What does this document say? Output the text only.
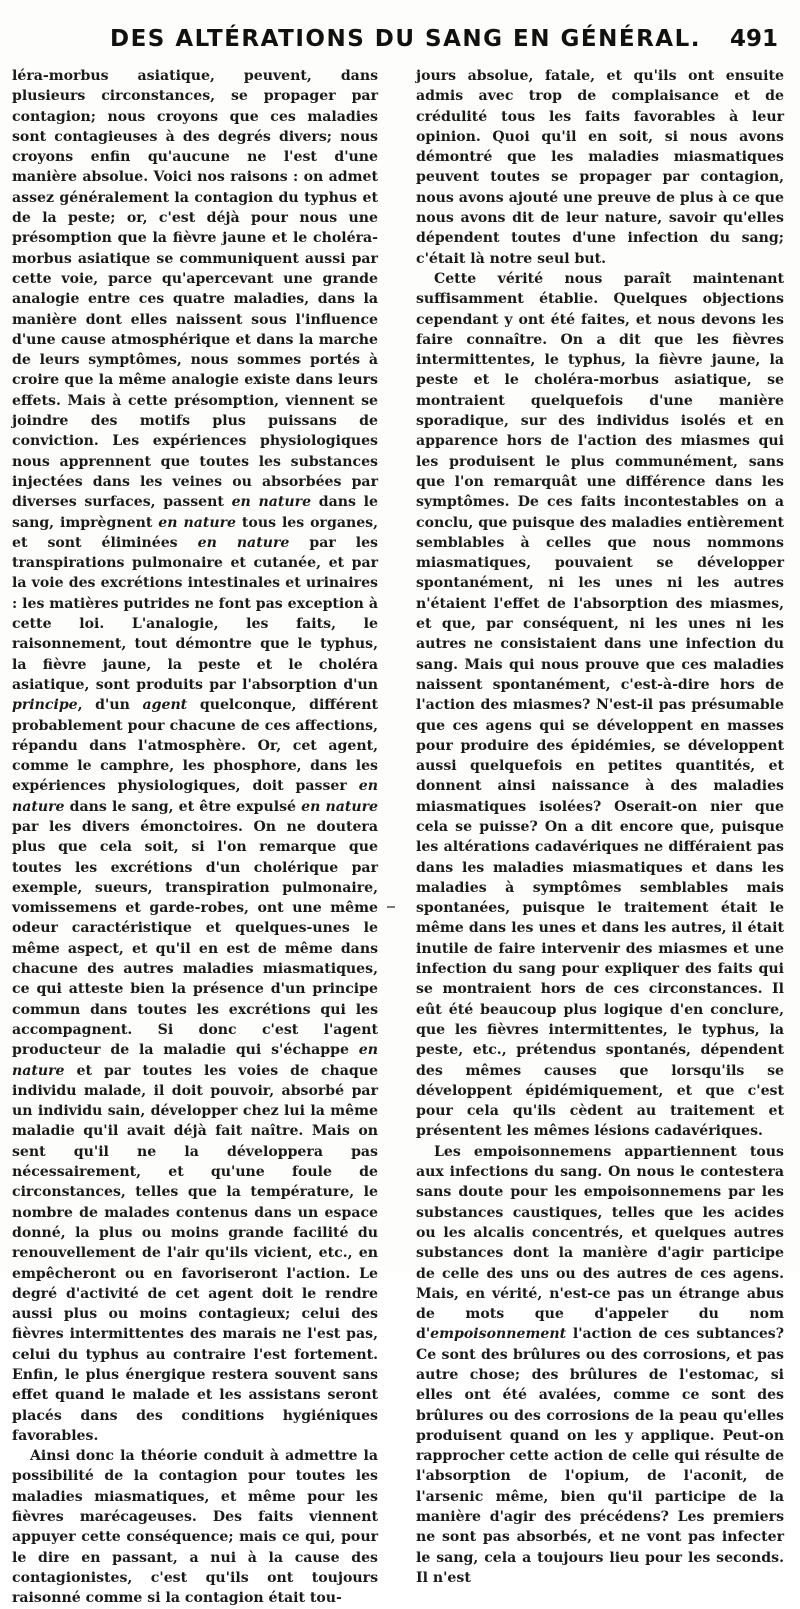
DES ALTÉRATIONS DU SANG EN GÉNÉRAL. 491

léra-morbus asiatique, peuvent, dans plusieurs circonstances, se propager par contagion; nous croyons que ces maladies sont contagieuses à des degrés divers; nous croyons enfin qu'aucune ne l'est d'une manière absolue. Voici nos raisons : on admet assez généralement la contagion du typhus et de la peste; or, c'est déjà pour nous une présomption que la fièvre jaune et le choléra-morbus asiatique se communiquent aussi par cette voie, parce qu'apercevant une grande analogie entre ces quatre maladies, dans la manière dont elles naissent sous l'influence d'une cause atmosphérique et dans la marche de leurs symptômes, nous sommes portés à croire que la même analogie existe dans leurs effets. Mais à cette présomption, viennent se joindre des motifs plus puissans de conviction. Les expériences physiologiques nous apprennent que toutes les substances injectées dans les veines ou absorbées par diverses surfaces, passent en nature dans le sang, imprègnent en nature tous les organes, et sont éliminées en nature par les transpirations pulmonaire et cutanée, et par la voie des excrétions intestinales et urinaires : les matières putrides ne font pas exception à cette loi. L'analogie, les faits, le raisonnement, tout démontre que le typhus, la fièvre jaune, la peste et le choléra asiatique, sont produits par l'absorption d'un principe, d'un agent quelconque, différent probablement pour chacune de ces affections, répandu dans l'atmosphère. Or, cet agent, comme le camphre, les phosphore, dans les expériences physiologiques, doit passer en nature dans le sang, et être expulsé en nature par les divers émonctoires. On ne doutera plus que cela soit, si l'on remarque que toutes les excrétions d'un cholérique par exemple, sueurs, transpiration pulmonaire, vomissemens et garde-robes, ont une même odeur caractéristique et quelques-unes le même aspect, et qu'il en est de même dans chacune des autres maladies miasmatiques, ce qui atteste bien la présence d'un principe commun dans toutes les excrétions qui les accompagnent. Si donc c'est l'agent producteur de la maladie qui s'échappe en nature et par toutes les voies de chaque individu malade, il doit pouvoir, absorbé par un individu sain, développer chez lui la même maladie qu'il avait déjà fait naître. Mais on sent qu'il ne la développera pas nécessairement, et qu'une foule de circonstances, telles que la température, le nombre de malades contenus dans un espace donné, la plus ou moins grande facilité du renouvellement de l'air qu'ils vicient, etc., en empêcheront ou en favoriseront l'action. Le degré d'activité de cet agent doit le rendre aussi plus ou moins contagieux; celui des fièvres intermittentes des marais ne l'est pas, celui du typhus au contraire l'est fortement. Enfin, le plus énergique restera souvent sans effet quand le malade et les assistans seront placés dans des conditions hygiéniques favorables.

Ainsi donc la théorie conduit à admettre la possibilité de la contagion pour toutes les maladies miasmatiques, et même pour les fièvres marécageuses. Des faits viennent appuyer cette conséquence; mais ce qui, pour le dire en passant, a nui à la cause des contagionistes, c'est qu'ils ont toujours raisonné comme si la contagion était tou-

jours absolue, fatale, et qu'ils ont ensuite admis avec trop de complaisance et de crédulité tous les faits favorables à leur opinion. Quoi qu'il en soit, si nous avons démontré que les maladies miasmatiques peuvent toutes se propager par contagion, nous avons ajouté une preuve de plus à ce que nous avons dit de leur nature, savoir qu'elles dépendent toutes d'une infection du sang; c'était là notre seul but.

Cette vérité nous paraît maintenant suffisamment établie. Quelques objections cependant y ont été faites, et nous devons les faire connaître. On a dit que les fièvres intermittentes, le typhus, la fièvre jaune, la peste et le choléra-morbus asiatique, se montraient quelquefois d'une manière sporadique, sur des individus isolés et en apparence hors de l'action des miasmes qui les produisent le plus communément, sans que l'on remarquât une différence dans les symptômes. De ces faits incontestables on a conclu, que puisque des maladies entièrement semblables à celles que nous nommons miasmatiques, pouvaient se développer spontanément, ni les unes ni les autres n'étaient l'effet de l'absorption des miasmes, et que, par conséquent, ni les unes ni les autres ne consistaient dans une infection du sang. Mais qui nous prouve que ces maladies naissent spontanément, c'est-à-dire hors de l'action des miasmes? N'est-il pas présumable que ces agens qui se développent en masses pour produire des épidémies, se développent aussi quelquefois en petites quantités, et donnent ainsi naissance à des maladies miasmatiques isolées? Oserait-on nier que cela se puisse? On a dit encore que, puisque les altérations cadavériques ne différaient pas dans les maladies miasmatiques et dans les maladies à symptômes semblables mais spontanées, puisque le traitement était le même dans les unes et dans les autres, il était inutile de faire intervenir des miasmes et une infection du sang pour expliquer des faits qui se montraient hors de ces circonstances. Il eût été beaucoup plus logique d'en conclure, que les fièvres intermittentes, le typhus, la peste, etc., prétendus spontanés, dépendent des mêmes causes que lorsqu'ils se développent épidémiquement, et que c'est pour cela qu'ils cèdent au traitement et présentent les mêmes lésions cadavériques.

Les empoisonnemens appartiennent tous aux infections du sang. On nous le contestera sans doute pour les empoisonnemens par les substances caustiques, telles que les acides ou les alcalis concentrés, et quelques autres substances dont la manière d'agir participe de celle des uns ou des autres de ces agens. Mais, en vérité, n'est-ce pas un étrange abus de mots que d'appeler du nom d'empoisonnement l'action de ces subtances? Ce sont des brûlures ou des corrosions, et pas autre chose; des brûlures de l'estomac, si elles ont été avalées, comme ce sont des brûlures ou des corrosions de la peau qu'elles produisent quand on les y applique. Peut-on rapprocher cette action de celle qui résulte de l'absorption de l'opium, de l'aconit, de l'arsenic même, bien qu'il participe de la manière d'agir des précédens? Les premiers ne sont pas absorbés, et ne vont pas infecter le sang, cela a toujours lieu pour les seconds. Il n'est
